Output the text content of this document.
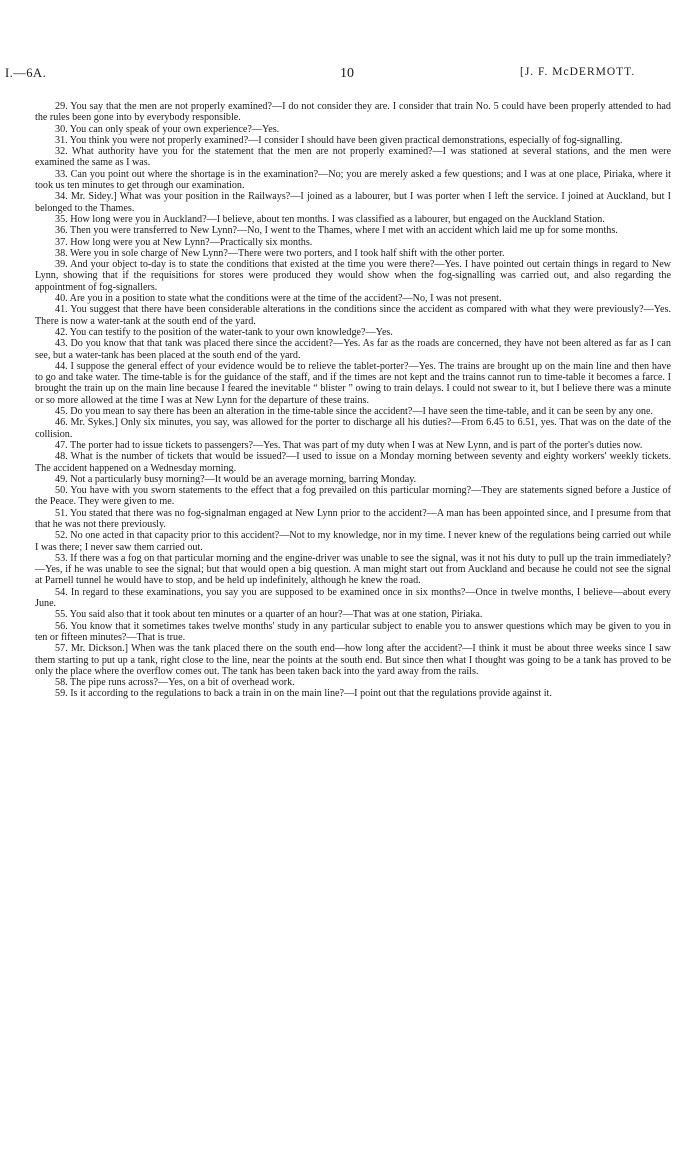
I.—6A.	10	[J. F. McDERMOTT.

29. You say that the men are not properly examined?—I do not consider they are. I consider that train No. 5 could have been properly attended to had the rules been gone into by everybody responsible.

30. You can only speak of your own experience?—Yes.

31. You think you were not properly examined?—I consider I should have been given practical demonstrations, especially of fog-signalling.

32. What authority have you for the statement that the men are not properly examined?—I was stationed at several stations, and the men were examined the same as I was.

33. Can you point out where the shortage is in the examination?—No; you are merely asked a few questions; and I was at one place, Piriaka, where it took us ten minutes to get through our examination.

34. Mr. Sidey.] What was your position in the Railways?—I joined as a labourer, but I was porter when I left the service. I joined at Auckland, but I belonged to the Thames.

35. How long were you in Auckland?—I believe, about ten months. I was classified as a labourer, but engaged on the Auckland Station.

36. Then you were transferred to New Lynn?—No, I went to the Thames, where I met with an accident which laid me up for some months.

37. How long were you at New Lynn?—Practically six months.

38. Were you in sole charge of New Lynn?—There were two porters, and I took half shift with the other porter.

39. And your object to-day is to state the conditions that existed at the time you were there?—Yes. I have pointed out certain things in regard to New Lynn, showing that if the requisitions for stores were produced they would show when the fog-signalling was carried out, and also regarding the appointment of fog-signallers.

40. Are you in a position to state what the conditions were at the time of the accident?—No, I was not present.

41. You suggest that there have been considerable alterations in the conditions since the accident as compared with what they were previously?—Yes. There is now a water-tank at the south end of the yard.

42. You can testify to the position of the water-tank to your own knowledge?—Yes.

43. Do you know that that tank was placed there since the accident?—Yes. As far as the roads are concerned, they have not been altered as far as I can see, but a water-tank has been placed at the south end of the yard.

44. I suppose the general effect of your evidence would be to relieve the tablet-porter?—Yes. The trains are brought up on the main line and then have to go and take water. The time-table is for the guidance of the staff, and if the times are not kept and the trains cannot run to time-table it becomes a farce. I brought the train up on the main line because I feared the inevitable “ blister ” owing to train delays. I could not swear to it, but I believe there was a minute or so more allowed at the time I was at New Lynn for the departure of these trains.

45. Do you mean to say there has been an alteration in the time-table since the accident?—I have seen the time-table, and it can be seen by any one.

46. Mr. Sykes.] Only six minutes, you say, was allowed for the porter to discharge all his duties?—From 6.45 to 6.51, yes. That was on the date of the collision.

47. The porter had to issue tickets to passengers?—Yes. That was part of my duty when I was at New Lynn, and is part of the porter's duties now.

48. What is the number of tickets that would be issued?—I used to issue on a Monday morning between seventy and eighty workers' weekly tickets. The accident happened on a Wednesday morning.

49. Not a particularly busy morning?—It would be an average morning, barring Monday.

50. You have with you sworn statements to the effect that a fog prevailed on this particular morning?—They are statements signed before a Justice of the Peace. They were given to me.

51. You stated that there was no fog-signalman engaged at New Lynn prior to the accident?—A man has been appointed since, and I presume from that that he was not there previously.

52. No one acted in that capacity prior to this accident?—Not to my knowledge, nor in my time. I never knew of the regulations being carried out while I was there; I never saw them carried out.

53. If there was a fog on that particular morning and the engine-driver was unable to see the signal, was it not his duty to pull up the train immediately?—Yes, if he was unable to see the signal; but that would open a big question. A man might start out from Auckland and because he could not see the signal at Parnell tunnel he would have to stop, and be held up indefinitely, although he knew the road.

54. In regard to these examinations, you say you are supposed to be examined once in six months?—Once in twelve months, I believe—about every June.

55. You said also that it took about ten minutes or a quarter of an hour?—That was at one station, Piriaka.

56. You know that it sometimes takes twelve months' study in any particular subject to enable you to answer questions which may be given to you in ten or fifteen minutes?—That is true.

57. Mr. Dickson.] When was the tank placed there on the south end—how long after the accident?—I think it must be about three weeks since I saw them starting to put up a tank, right close to the line, near the points at the south end. But since then what I thought was going to be a tank has proved to be only the place where the overflow comes out. The tank has been taken back into the yard away from the rails.

58. The pipe runs across?—Yes, on a bit of overhead work.

59. Is it according to the regulations to back a train in on the main line?—I point out that the regulations provide against it.
